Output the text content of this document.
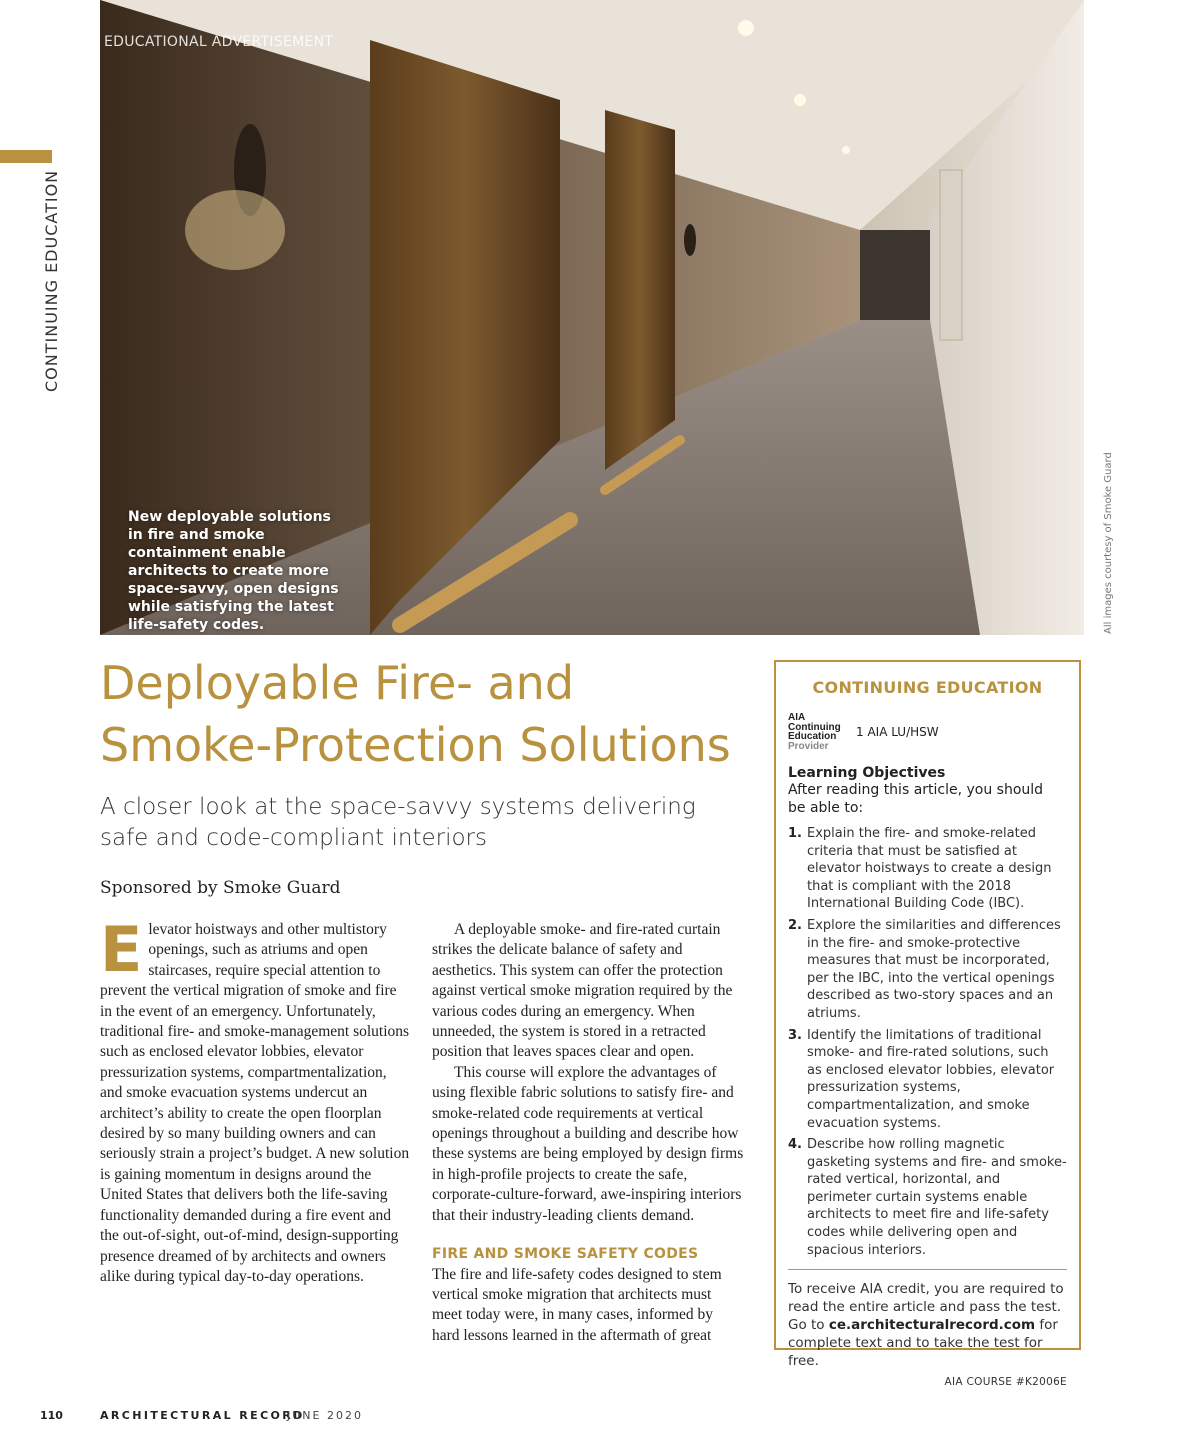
CONTINUING EDUCATION
EDUCATIONAL ADVERTISEMENT
New deployable solutions in fire and smoke containment enable architects to create more space-savvy, open designs while satisfying the latest life-safety codes.	All images courtesy of Smoke Guard
Deployable Fire- and Smoke-Protection Solutions
A closer look at the space-savvy systems delivering safe and code-compliant interiors
Sponsored by Smoke Guard

Elevator hoistways and other multistory openings, such as atriums and open staircases, require special attention to prevent the vertical migration of smoke and fire in the event of an emergency. Unfortunately, traditional fire- and smoke-management solutions such as enclosed elevator lobbies, elevator pressurization systems, compartmentalization, and smoke evacuation systems undercut an architect’s ability to create the open floorplan desired by so many building owners and can seriously strain a project’s budget. A new solution is gaining momentum in designs around the United States that delivers both the life-saving functionality demanded during a fire event and the out-of-sight, out-of-mind, design-supporting presence dreamed of by architects and owners alike during typical day-to-day operations.

A deployable smoke- and fire-rated curtain strikes the delicate balance of safety and aesthetics. This system can offer the protection against vertical smoke migration required by the various codes during an emergency. When unneeded, the system is stored in a retracted position that leaves spaces clear and open.

This course will explore the advantages of using flexible fabric solutions to satisfy fire- and smoke-related code requirements at vertical openings throughout a building and describe how these systems are being employed by design firms in high-profile projects to create the safe, corporate-culture-forward, awe-inspiring interiors that their industry-leading clients demand.

FIRE AND SMOKE SAFETY CODES

The fire and life-safety codes designed to stem vertical smoke migration that architects must meet today were, in many cases, informed by hard lessons learned in the aftermath of great

CONTINUING EDUCATION
AIA
Continuing
Education
Provider
1 AIA LU/HSW
Learning Objectives
After reading this article, you should be able to:
1. Explain the fire- and smoke-related criteria that must be satisfied at elevator hoistways to create a design that is compliant with the 2018 International Building Code (IBC).
2. Explore the similarities and differences in the fire- and smoke-protective measures that must be incorporated, per the IBC, into the vertical openings described as two-story spaces and an atriums.
3. Identify the limitations of traditional smoke- and fire-rated solutions, such as enclosed elevator lobbies, elevator pressurization systems, compartmentalization, and smoke evacuation systems.
4. Describe how rolling magnetic gasketing systems and fire- and smoke-rated vertical, horizontal, and perimeter curtain systems enable architects to meet fire and life-safety codes while delivering open and spacious interiors.

To receive AIA credit, you are required to read the entire article and pass the test. Go to ce.architecturalrecord.com for complete text and to take the test for free.

AIA COURSE #K2006E
110	ARCHITECTURAL RECORD
JUNE 2020
